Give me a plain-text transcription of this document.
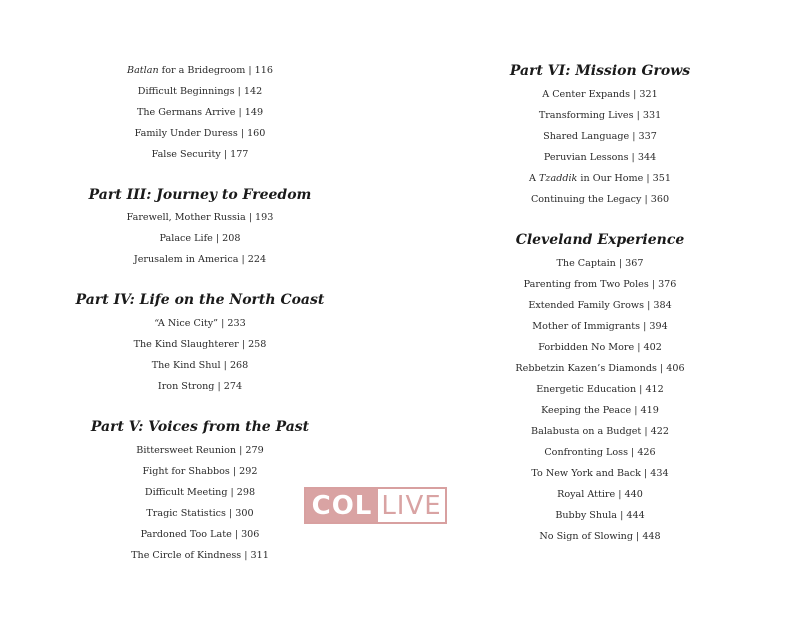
Batlan for a Bridegroom | 116
Difficult Beginnings | 142
The Germans Arrive | 149
Family Under Duress | 160
False Security | 177
Part III: Journey to Freedom
Farewell, Mother Russia | 193
Palace Life | 208
Jerusalem in America | 224
Part IV: Life on the North Coast
“A Nice City” | 233
The Kind Slaughterer | 258
The Kind Shul | 268
Iron Strong | 274
Part V: Voices from the Past
Bittersweet Reunion | 279
Fight for Shabbos | 292
Difficult Meeting | 298
Tragic Statistics | 300
Pardoned Too Late | 306
The Circle of Kindness | 311
Part VI: Mission Grows
A Center Expands | 321
Transforming Lives | 331
Shared Language | 337
Peruvian Lessons | 344
A Tzaddik in Our Home | 351
Continuing the Legacy | 360
Cleveland Experience
The Captain | 367
Parenting from Two Poles | 376
Extended Family Grows | 384
Mother of Immigrants | 394
Forbidden No More | 402
Rebbetzin Kazen’s Diamonds | 406
Energetic Education | 412
Keeping the Peace | 419
Balabusta on a Budget | 422
Confronting Loss | 426
To New York and Back | 434
Royal Attire | 440
Bubby Shula | 444
No Sign of Slowing | 448
COL LIVE
